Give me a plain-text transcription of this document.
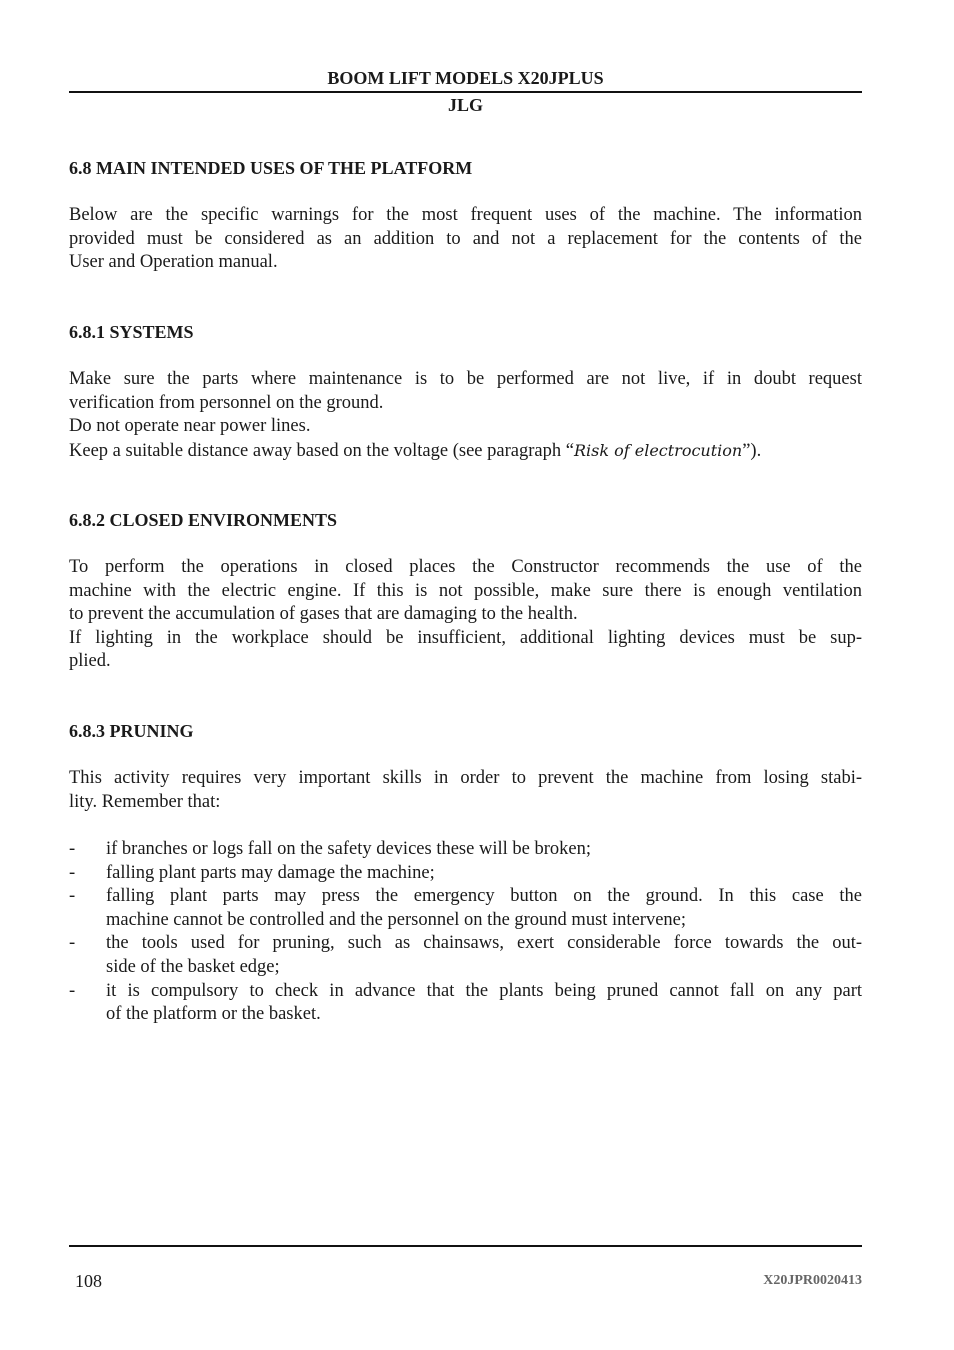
BOOM LIFT MODELS X20JPLUS
JLG
6.8 MAIN INTENDED USES OF THE PLATFORM
Below are the specific warnings for the most frequent uses of the machine. The information
provided must be considered as an addition to and not a replacement for the contents of the
User and Operation manual.
6.8.1 SYSTEMS
Make sure the parts where maintenance is to be performed are not live, if in doubt request
verification from personnel on the ground.
Do not operate near power lines.
Keep a suitable distance away based on the voltage (see paragraph “Risk of electrocution”).
6.8.2 CLOSED ENVIRONMENTS
To perform the operations in closed places the Constructor recommends the use of the
machine with the electric engine. If this is not possible, make sure there is enough ventilation
to prevent the accumulation of gases that are damaging to the health.
If lighting in the workplace should be insufficient, additional lighting devices must be sup-
plied.
6.8.3 PRUNING
This activity requires very important skills in order to prevent the machine from losing stabi-
lity. Remember that:
- if branches or logs fall on the safety devices these will be broken;
- falling plant parts may damage the machine;
- falling plant parts may press the emergency button on the ground. In this case the
machine cannot be controlled and the personnel on the ground must intervene;
- the tools used for pruning, such as chainsaws, exert considerable force towards the out-
side of the basket edge;
- it is compulsory to check in advance that the plants being pruned cannot fall on any part
of the platform or the basket.
108	X20JPR0020413
